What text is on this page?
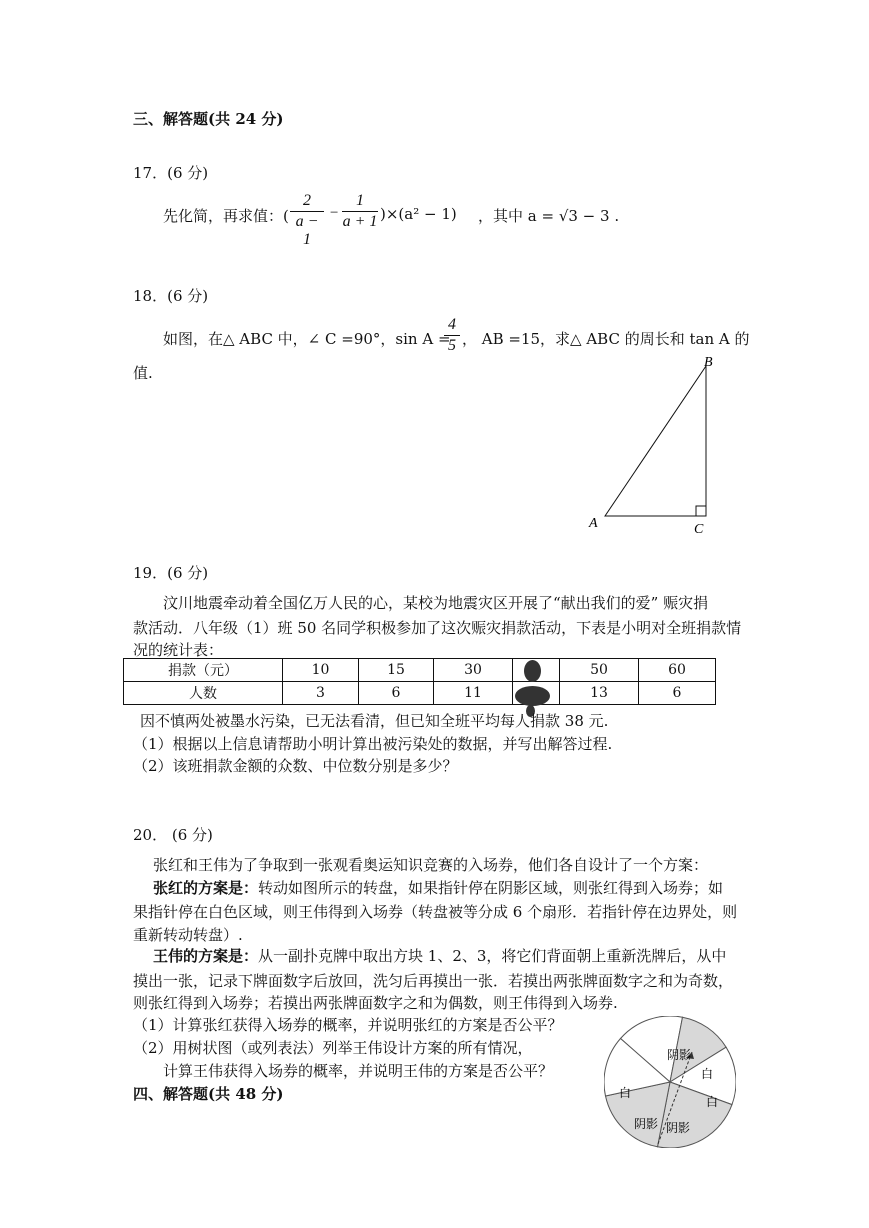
三、解答题(共 24 分)
17．(6 分)
先化简，再求值：( $\frac{2}{a - 1} - \frac{1}{a + 1} )\times(a^2 - 1)$ ，其中 a = √3 − 3 .
18．(6 分)
如图，在△ ABC 中，∠ C =90°，sin A =
$\frac{4}{5}$ ， AB =15，求△ ABC 的周长和 tan A 的
值.
A
B
C
19．(6 分)
汶川地震牵动着全国亿万人民的心，某校为地震灾区开展了“献出我们的爱” 赈灾捐
款活动．八年级（1）班 50 名同学积极参加了这次赈灾捐款活动，下表是小明对全班捐款情
况的统计表：
捐款（元）	10	15	30		50	60
人数	3	6	11		13	6
因不慎两处被墨水污染，已无法看清，但已知全班平均每人捐款 38 元.
（1）根据以上信息请帮助小明计算出被污染处的数据，并写出解答过程.
（2）该班捐款金额的众数、中位数分别是多少？
20． (6 分)
张红和王伟为了争取到一张观看奥运知识竞赛的入场券，他们各自设计了一个方案：
张红的方案是：转动如图所示的转盘，如果指针停在阴影区域，则张红得到入场券；如
果指针停在白色区域，则王伟得到入场券（转盘被等分成 6 个扇形．若指针停在边界处，则
重新转动转盘）.
王伟的方案是：从一副扑克牌中取出方块 1、2、3，将它们背面朝上重新洗牌后，从中
摸出一张，记录下牌面数字后放回，洗匀后再摸出一张．若摸出两张牌面数字之和为奇数，
则张红得到入场券；若摸出两张牌面数字之和为偶数，则王伟得到入场券.
（1）计算张红获得入场券的概率，并说明张红的方案是否公平？
（2）用树状图（或列表法）列举王伟设计方案的所有情况，
计算王伟获得入场券的概率，并说明王伟的方案是否公平？
阴影
白
白
阴影
阴影
白
四、解答题(共 48 分)
